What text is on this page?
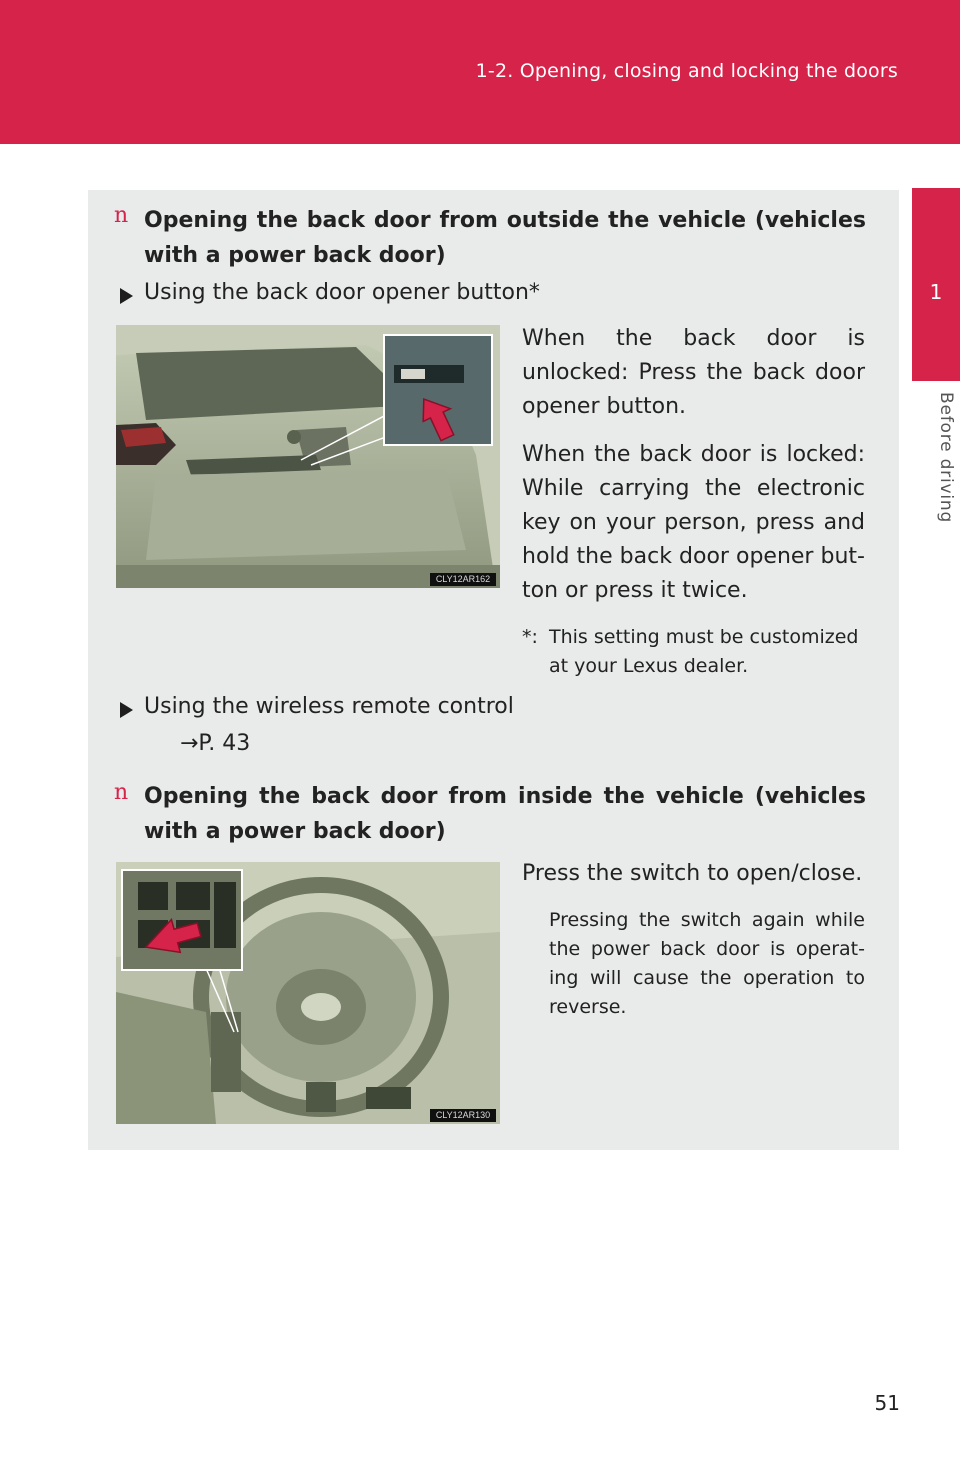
1-2. Opening, closing and locking the doors
1
Before driving
n Opening the back door from outside the vehicle (vehicles with a power back door)
Using the back door opener button*
CLY12AR162
When the back door is unlocked: Press the back door opener button.
When the back door is locked: While carrying the electronic key on your person, press and hold the back door opener but-ton or press it twice.
*: This setting must be customized at your Lexus dealer.
Using the wireless remote control
→P. 43
n Opening the back door from inside the vehicle (vehicles with a power back door)
CLY12AR130
Press the switch to open/close.
Pressing the switch again while the power back door is operat-ing will cause the operation to reverse.
51
